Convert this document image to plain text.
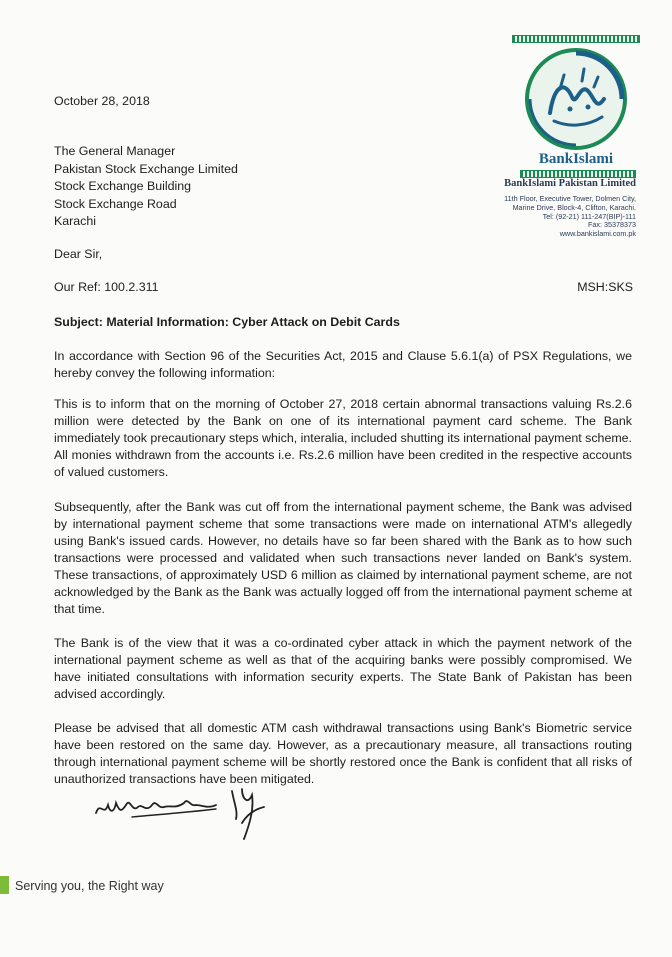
BankIslami
BankIslami Pakistan Limited
11th Floor, Executive Tower, Dolmen City,
Marine Drive, Block-4, Clifton, Karachi.
Tel: (92-21) 111-247(BIP)-111
Fax: 35378373
www.bankislami.com.pk
October 28, 2018
The General Manager
Pakistan Stock Exchange Limited
Stock Exchange Building
Stock Exchange Road
Karachi
Dear Sir,
Our Ref: 100.2.311	MSH:SKS
Subject: Material Information: Cyber Attack on Debit Cards
In accordance with Section 96 of the Securities Act, 2015 and Clause 5.6.1(a) of PSX Regulations, we hereby convey the following information:
This is to inform that on the morning of October 27, 2018 certain abnormal transactions valuing Rs.2.6 million were detected by the Bank on one of its international payment card scheme. The Bank immediately took precautionary steps which, interalia, included shutting its international payment scheme. All monies withdrawn from the accounts i.e. Rs.2.6 million have been credited in the respective accounts of valued customers.
Subsequently, after the Bank was cut off from the international payment scheme, the Bank was advised by international payment scheme that some transactions were made on international ATM's allegedly using Bank's issued cards. However, no details have so far been shared with the Bank as to how such transactions were processed and validated when such transactions never landed on Bank's system. These transactions, of approximately USD 6 million as claimed by international payment scheme, are not acknowledged by the Bank as the Bank was actually logged off from the international payment scheme at that time.
The Bank is of the view that it was a co-ordinated cyber attack in which the payment network of the international payment scheme as well as that of the acquiring banks were possibly compromised. We have initiated consultations with information security experts. The State Bank of Pakistan has been advised accordingly.
Please be advised that all domestic ATM cash withdrawal transactions using Bank's Biometric service have been restored on the same day. However, as a precautionary measure, all transactions routing through international payment scheme will be shortly restored once the Bank is confident that all risks of unauthorized transactions have been mitigated.
Serving you, the Right way
